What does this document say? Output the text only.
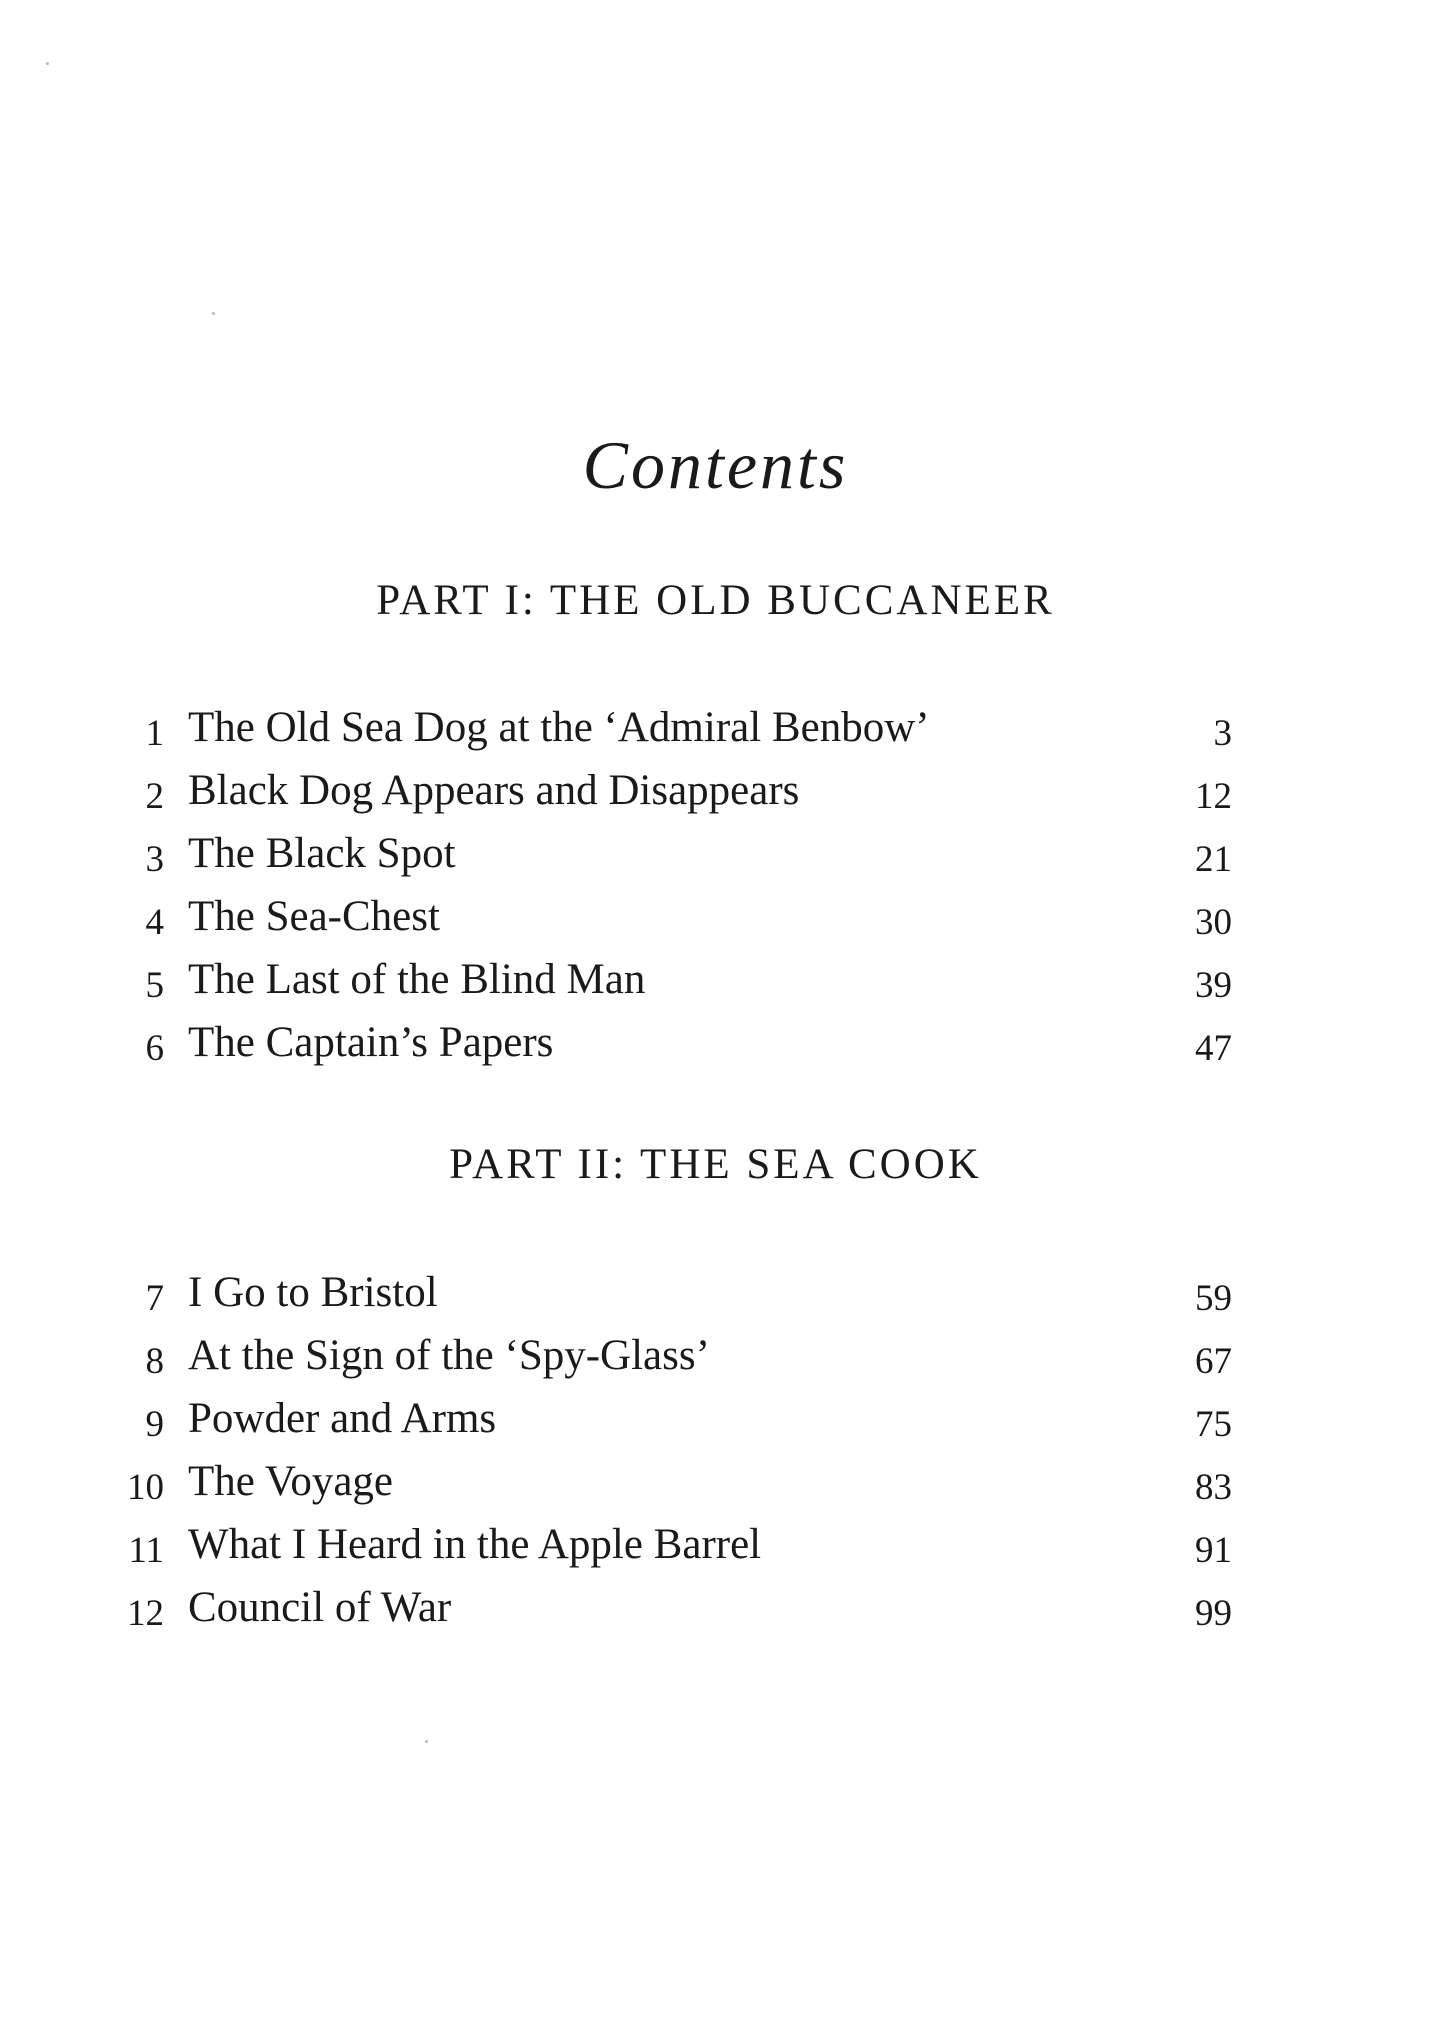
Contents
PART I: THE OLD BUCCANEER
1 The Old Sea Dog at the ‘Admiral Benbow’	3
2 Black Dog Appears and Disappears	12
3 The Black Spot	21
4 The Sea-Chest	30
5 The Last of the Blind Man	39
6 The Captain’s Papers	47
PART II: THE SEA COOK
7 I Go to Bristol	59
8 At the Sign of the ‘Spy-Glass’	67
9 Powder and Arms	75
10 The Voyage	83
11 What I Heard in the Apple Barrel	91
12 Council of War	99
